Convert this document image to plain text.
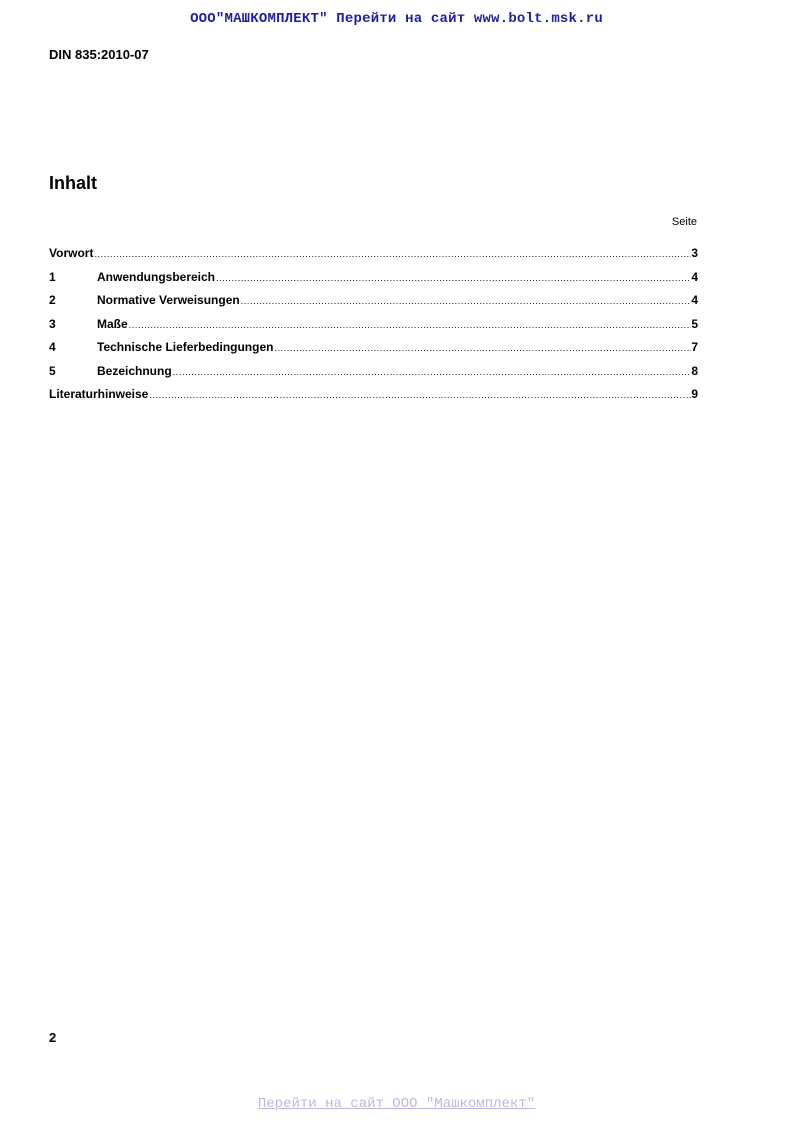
ООО"МАШКОМПЛЕКТ" Перейти на сайт www.bolt.msk.ru
DIN 835:2010-07
Inhalt
Seite
Vorwort .....	3
1	Anwendungsbereich .....	4
2	Normative Verweisungen .....	4
3	Maße .....	5
4	Technische Lieferbedingungen .....	7
5	Bezeichnung .....	8
Literaturhinweise .....	9
2
Перейти на сайт ООО "Машкомплект"
